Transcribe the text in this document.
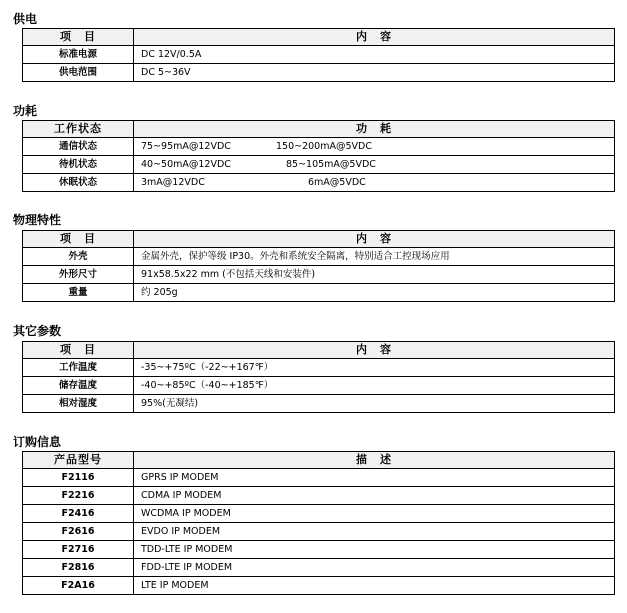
供电
项　目	内　容
标准电源	DC 12V/0.5A
供电范围	DC 5~36V
功耗
工作状态	功　耗
通信状态	75~95mA@12VDC 150~200mA@5VDC
待机状态	40~50mA@12VDC 85~105mA@5VDC
休眠状态	3mA@12VDC 6mA@5VDC
物理特性
项　目	内　容
外壳	金属外壳，保护等级 IP30。外壳和系统安全隔离，特别适合工控现场应用
外形尺寸	91x58.5x22 mm (不包括天线和安装件)
重量	约 205g
其它参数
项　目	内　容
工作温度	-35~+75ºC（-22~+167℉）
储存温度	-40~+85ºC（-40~+185℉）
相对湿度	95%(无凝结)
订购信息
产品型号	描　述
F2116	GPRS IP MODEM
F2216	CDMA IP MODEM
F2416	WCDMA IP MODEM
F2616	EVDO IP MODEM
F2716	TDD-LTE IP MODEM
F2816	FDD-LTE IP MODEM
F2A16	LTE IP MODEM
